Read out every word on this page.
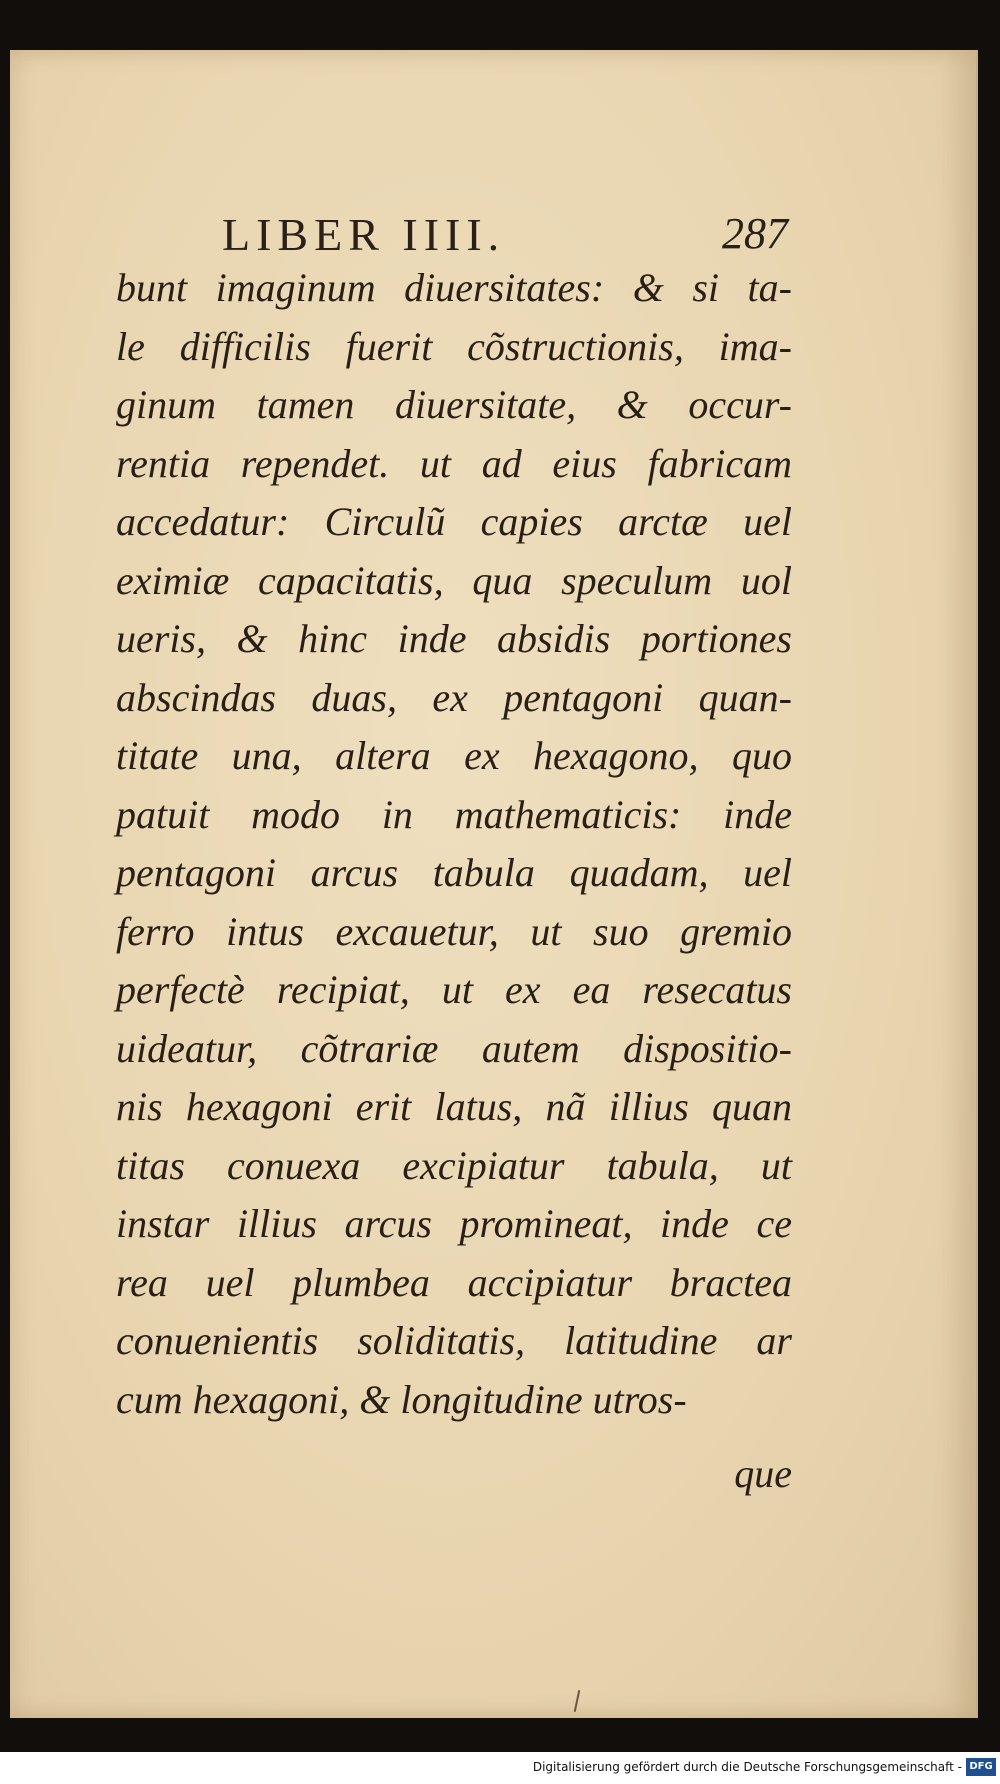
LIBER IIII.	287
bunt imaginum diuersitates: & si ta-
le difficilis fuerit cõstructionis, ima-
ginum tamen diuersitate, & occur-
rentia rependet. ut ad eius fabricam
accedatur: Circulũ capies arctæ uel
eximiæ capacitatis, qua speculum uol
ueris, & hinc inde absidis portiones
abscindas duas, ex pentagoni quan-
titate una, altera ex hexagono, quo
patuit modo in mathematicis: inde
pentagoni arcus tabula quadam, uel
ferro intus excauetur, ut suo gremio
perfectè recipiat, ut ex ea resecatus
uideatur, cõtrariæ autem dispositio-
nis hexagoni erit latus, nã illius quan
titas conuexa excipiatur tabula, ut
instar illius arcus promineat, inde ce
rea uel plumbea accipiatur bractea
conuenientis soliditatis, latitudine ar
cum hexagoni, & longitudine utros-
que
Digitalisierung gefördert durch die Deutsche Forschungsgemeinschaft - DFG
